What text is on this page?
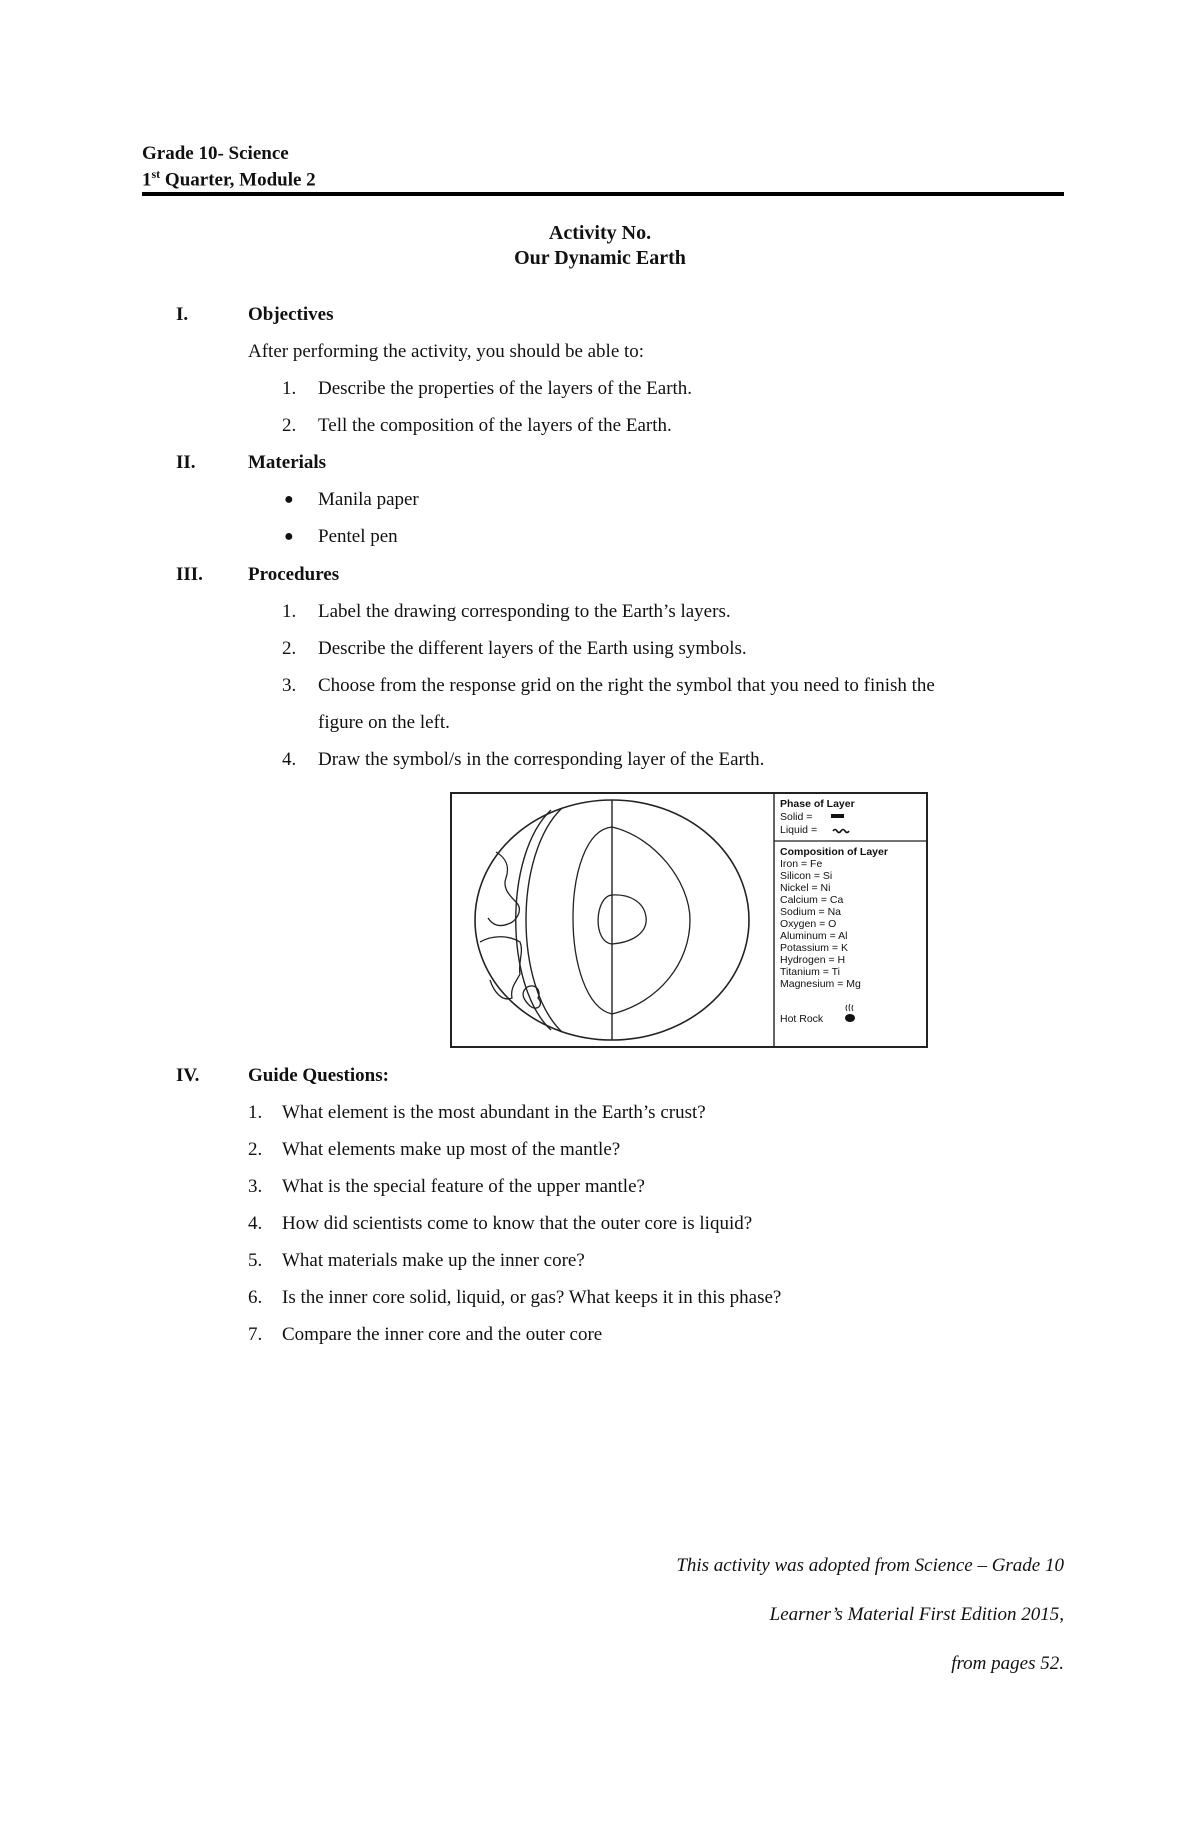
Grade 10- Science
1st Quarter, Module 2
Activity No.
Our Dynamic Earth
I.	Objectives
After performing the activity, you should be able to:
1. Describe the properties of the layers of the Earth.
2. Tell the composition of the layers of the Earth.
II.	Materials
● Manila paper
● Pentel pen
III. Procedures
1. Label the drawing corresponding to the Earth’s layers.
2. Describe the different layers of the Earth using symbols.
3. Choose from the response grid on the right the symbol that you need to finish the
figure on the left.
4. Draw the symbol/s in the corresponding layer of the Earth.
Phase of Layer
Solid =
Liquid =
Composition of Layer
Iron = Fe
Silicon = Si
Nickel = Ni
Calcium = Ca
Sodium = Na
Oxygen = O
Aluminum = Al
Potassium = K
Hydrogen = H
Titanium = Ti
Magnesium = Mg
Hot Rock
IV.	Guide Questions:
1. What element is the most abundant in the Earth’s crust?
2. What elements make up most of the mantle?
3. What is the special feature of the upper mantle?
4. How did scientists come to know that the outer core is liquid?
5. What materials make up the inner core?
6. Is the inner core solid, liquid, or gas? What keeps it in this phase?
7. Compare the inner core and the outer core
This activity was adopted from Science – Grade 10
Learner’s Material First Edition 2015,
from pages 52.
